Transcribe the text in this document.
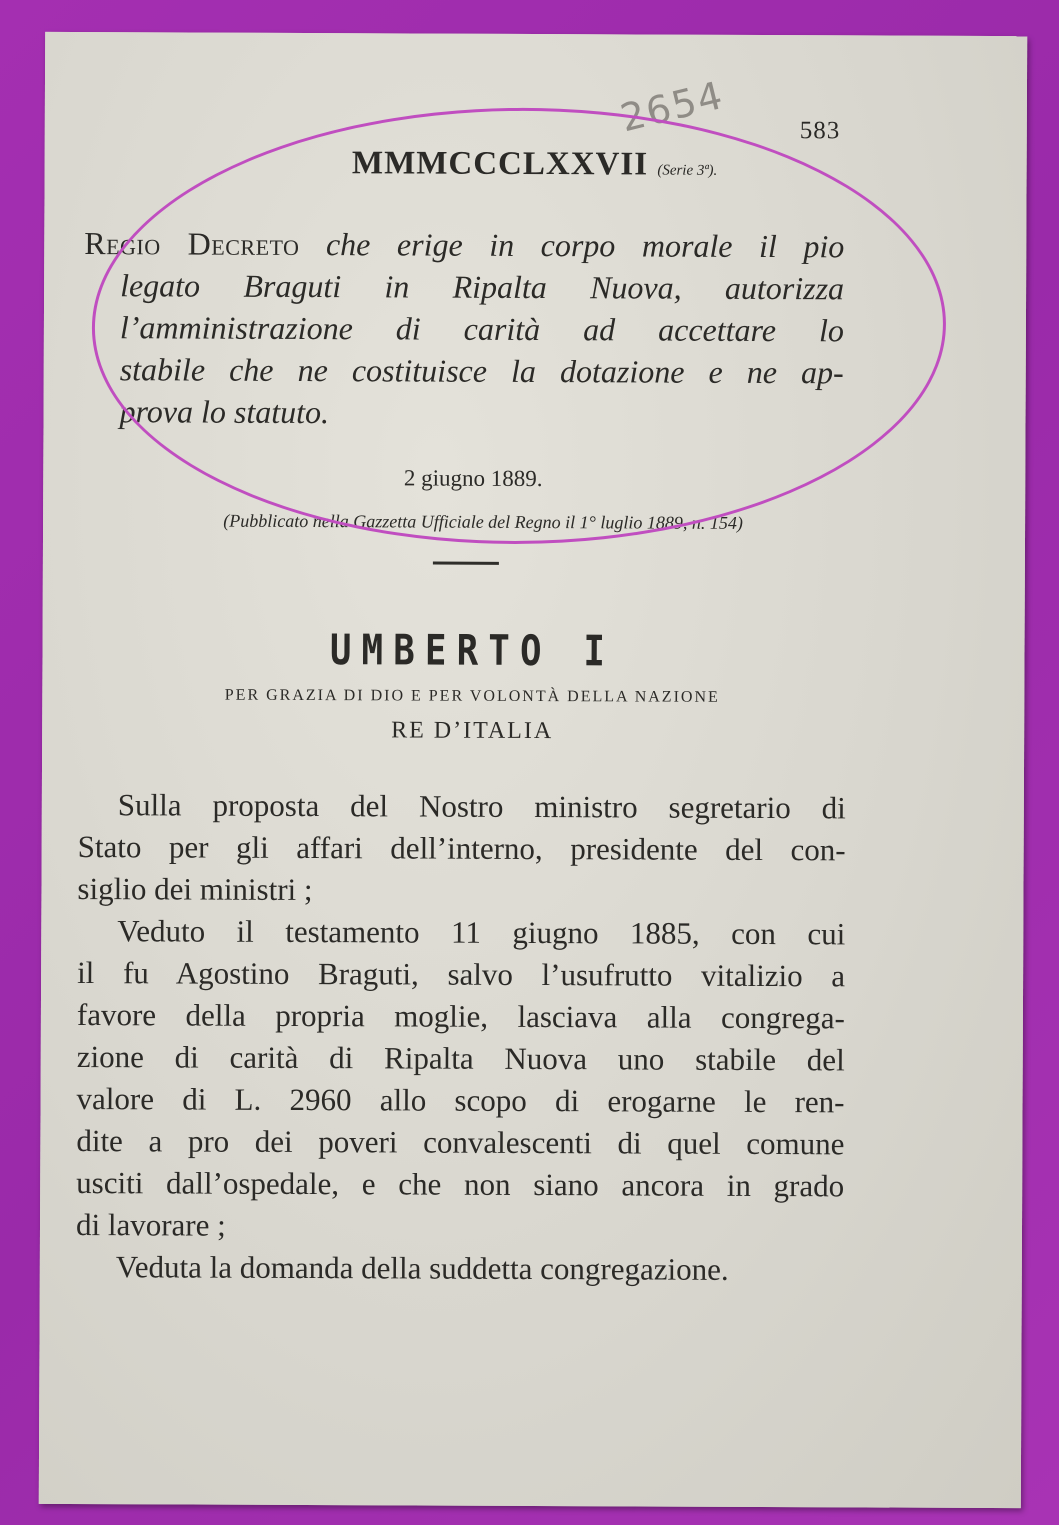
2654	583
MMMCCCLXXVII (Serie 3ª).
Regio Decreto che erige in corpo morale il pio
legato Braguti in Ripalta Nuova, autorizza
l’amministrazione di carità ad accettare lo
stabile che ne costituisce la dotazione e ne ap-
prova lo statuto.
2 giugno 1889.
(Pubblicato nella Gazzetta Ufficiale del Regno il 1° luglio 1889, n. 154)
UMBERTO I
PER GRAZIA DI DIO E PER VOLONTÀ DELLA NAZIONE
RE D’ITALIA
Sulla proposta del Nostro ministro segretario di
Stato per gli affari dell’interno, presidente del con-
siglio dei ministri ;
Veduto il testamento 11 giugno 1885, con cui
il fu Agostino Braguti, salvo l’usufrutto vitalizio a
favore della propria moglie, lasciava alla congrega-
zione di carità di Ripalta Nuova uno stabile del
valore di L. 2960 allo scopo di erogarne le ren-
dite a pro dei poveri convalescenti di quel comune
usciti dall’ospedale, e che non siano ancora in grado
di lavorare ;
Veduta la domanda della suddetta congregazione.
